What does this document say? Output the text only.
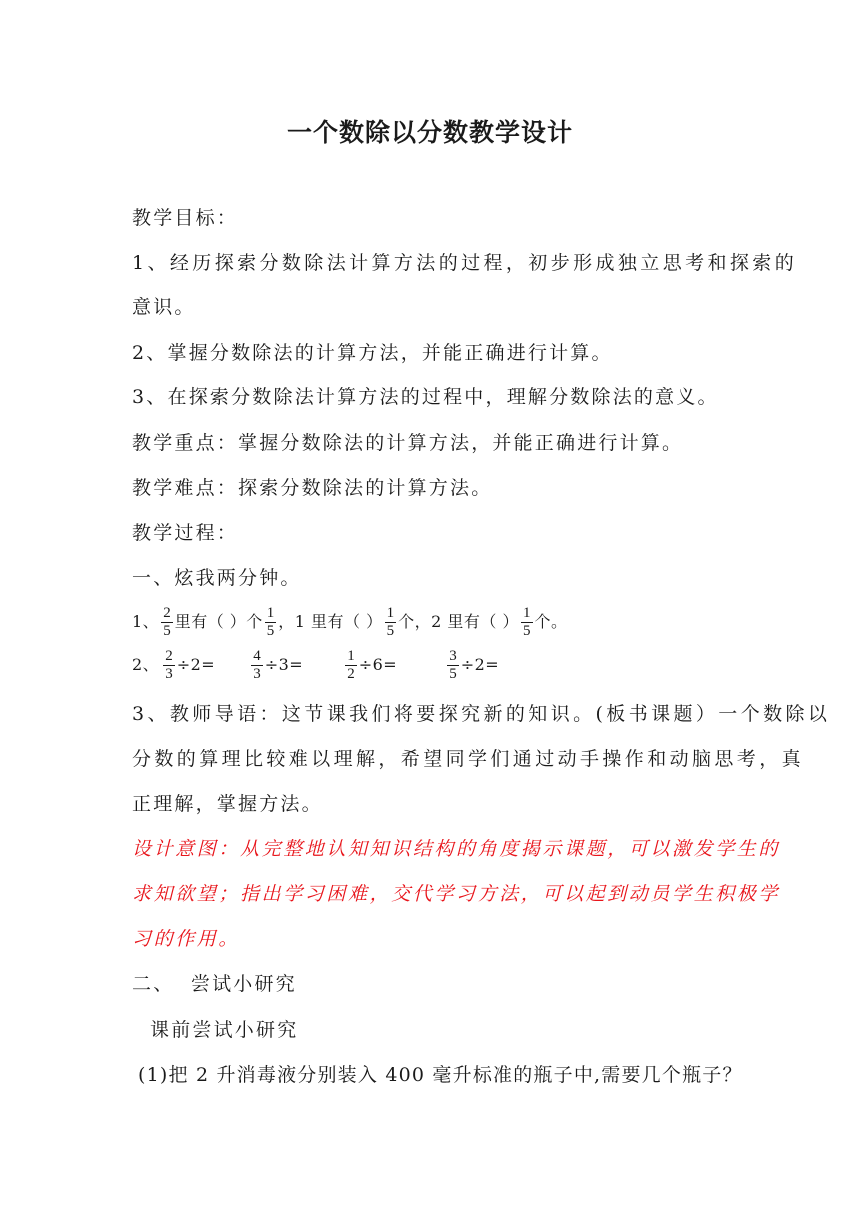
一个数除以分数教学设计
教学目标：
1、经历探索分数除法计算方法的过程，初步形成独立思考和探索的
意识。
2、掌握分数除法的计算方法，并能正确进行计算。
3、在探索分数除法计算方法的过程中，理解分数除法的意义。
教学重点：掌握分数除法的计算方法，并能正确进行计算。
教学难点：探索分数除法的计算方法。
教学过程：
一、炫我两分钟。
1、 $\frac{2}{5}$ 里有（ ）个 $\frac{1}{5}$ ，1 里有（ ） $\frac{1}{5}$ 个，2 里有（ ） $\frac{1}{5}$ 个。
2、 $\frac{2}{3} \div 2= \frac{4}{3} \div 3=$	$\frac{1}{2} \div 6=$	$\frac{3}{5} \div 2=$
3、教师导语：这节课我们将要探究新的知识。(板书课题）一个数除以
分数的算理比较难以理解，希望同学们通过动手操作和动脑思考，真
正理解，掌握方法。
设计意图：从完整地认知知识结构的角度揭示课题，可以激发学生的
求知欲望；指出学习困难，交代学习方法，可以起到动员学生积极学
习的作用。
二、  尝试小研究
课前尝试小研究
(1)把 2 升消毒液分别装入 400 毫升标准的瓶子中,需要几个瓶子？
